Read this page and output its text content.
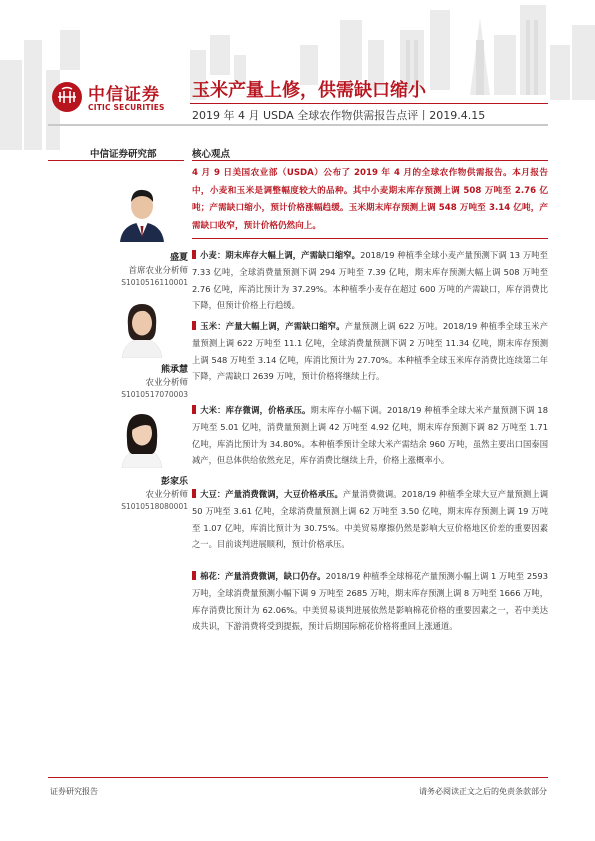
中信证券
CITIC SECURITIES
玉米产量上修，供需缺口缩小
2019 年 4 月 USDA 全球农作物供需报告点评丨2019.4.15
中信证券研究部	核心观点
盛夏
首席农业分析师
S1010516110001
熊承慧
农业分析师
S1010517070003
彭家乐
农业分析师
S1010518080001
4 月 9 日美国农业部（USDA）公布了 2019 年 4 月的全球农作物供需报告。本月报告中，小麦和玉米是调整幅度较大的品种。其中小麦期末库存预测上调 508 万吨至 2.76 亿吨；产需缺口缩小，预计价格涨幅趋缓。玉米期末库存预测上调 548 万吨至 3.14 亿吨，产需缺口收窄，预计价格仍然向上。
小麦：期末库存大幅上调，产需缺口缩窄。2018/19 种植季全球小麦产量预测下调 13 万吨至 7.33 亿吨，全球消费量预测下调 294 万吨至 7.39 亿吨，期末库存预测大幅上调 508 万吨至 2.76 亿吨，库消比预计为 37.29%。本种植季小麦存在超过 600 万吨的产需缺口，库存消费比下降，但预计价格上行趋缓。
玉米：产量大幅上调，产需缺口缩窄。产量预测上调 622 万吨。2018/19 种植季全球玉米产量预测上调 622 万吨至 11.1 亿吨，全球消费量预测下调 2 万吨至 11.34 亿吨，期末库存预测上调 548 万吨至 3.14 亿吨，库消比预计为 27.70%。本种植季全球玉米库存消费比连续第二年下降，产需缺口 2639 万吨，预计价格将继续上行。
大米：库存微调，价格承压。期末库存小幅下调。2018/19 种植季全球大米产量预测下调 18 万吨至 5.01 亿吨，消费量预测上调 42 万吨至 4.92 亿吨，期末库存预测下调 82 万吨至 1.71 亿吨，库消比预计为 34.80%。本种植季预计全球大米产需结余 960 万吨，虽然主要出口国泰国减产，但总体供给依然充足，库存消费比继续上升，价格上涨概率小。
大豆：产量消费微调，大豆价格承压。产量消费微调。2018/19 种植季全球大豆产量预测上调 50 万吨至 3.61 亿吨，全球消费量预测上调 62 万吨至 3.50 亿吨，期末库存预测上调 19 万吨至 1.07 亿吨，库消比预计为 30.75%。中美贸易摩擦仍然是影响大豆价格地区价差的重要因素之一。目前谈判进展顺利，预计价格承压。
棉花：产量消费微调，缺口仍存。2018/19 种植季全球棉花产量预测小幅上调 1 万吨至 2593 万吨，全球消费量预测小幅下调 9 万吨至 2685 万吨，期末库存预测上调 8 万吨至 1666 万吨，库存消费比预计为 62.06%。中美贸易谈判进展依然是影响棉花价格的重要因素之一，若中美达成共识，下游消费将受到提振，预计后期国际棉花价格将重回上涨通道。
证券研究报告	请务必阅读正文之后的免责条款部分
